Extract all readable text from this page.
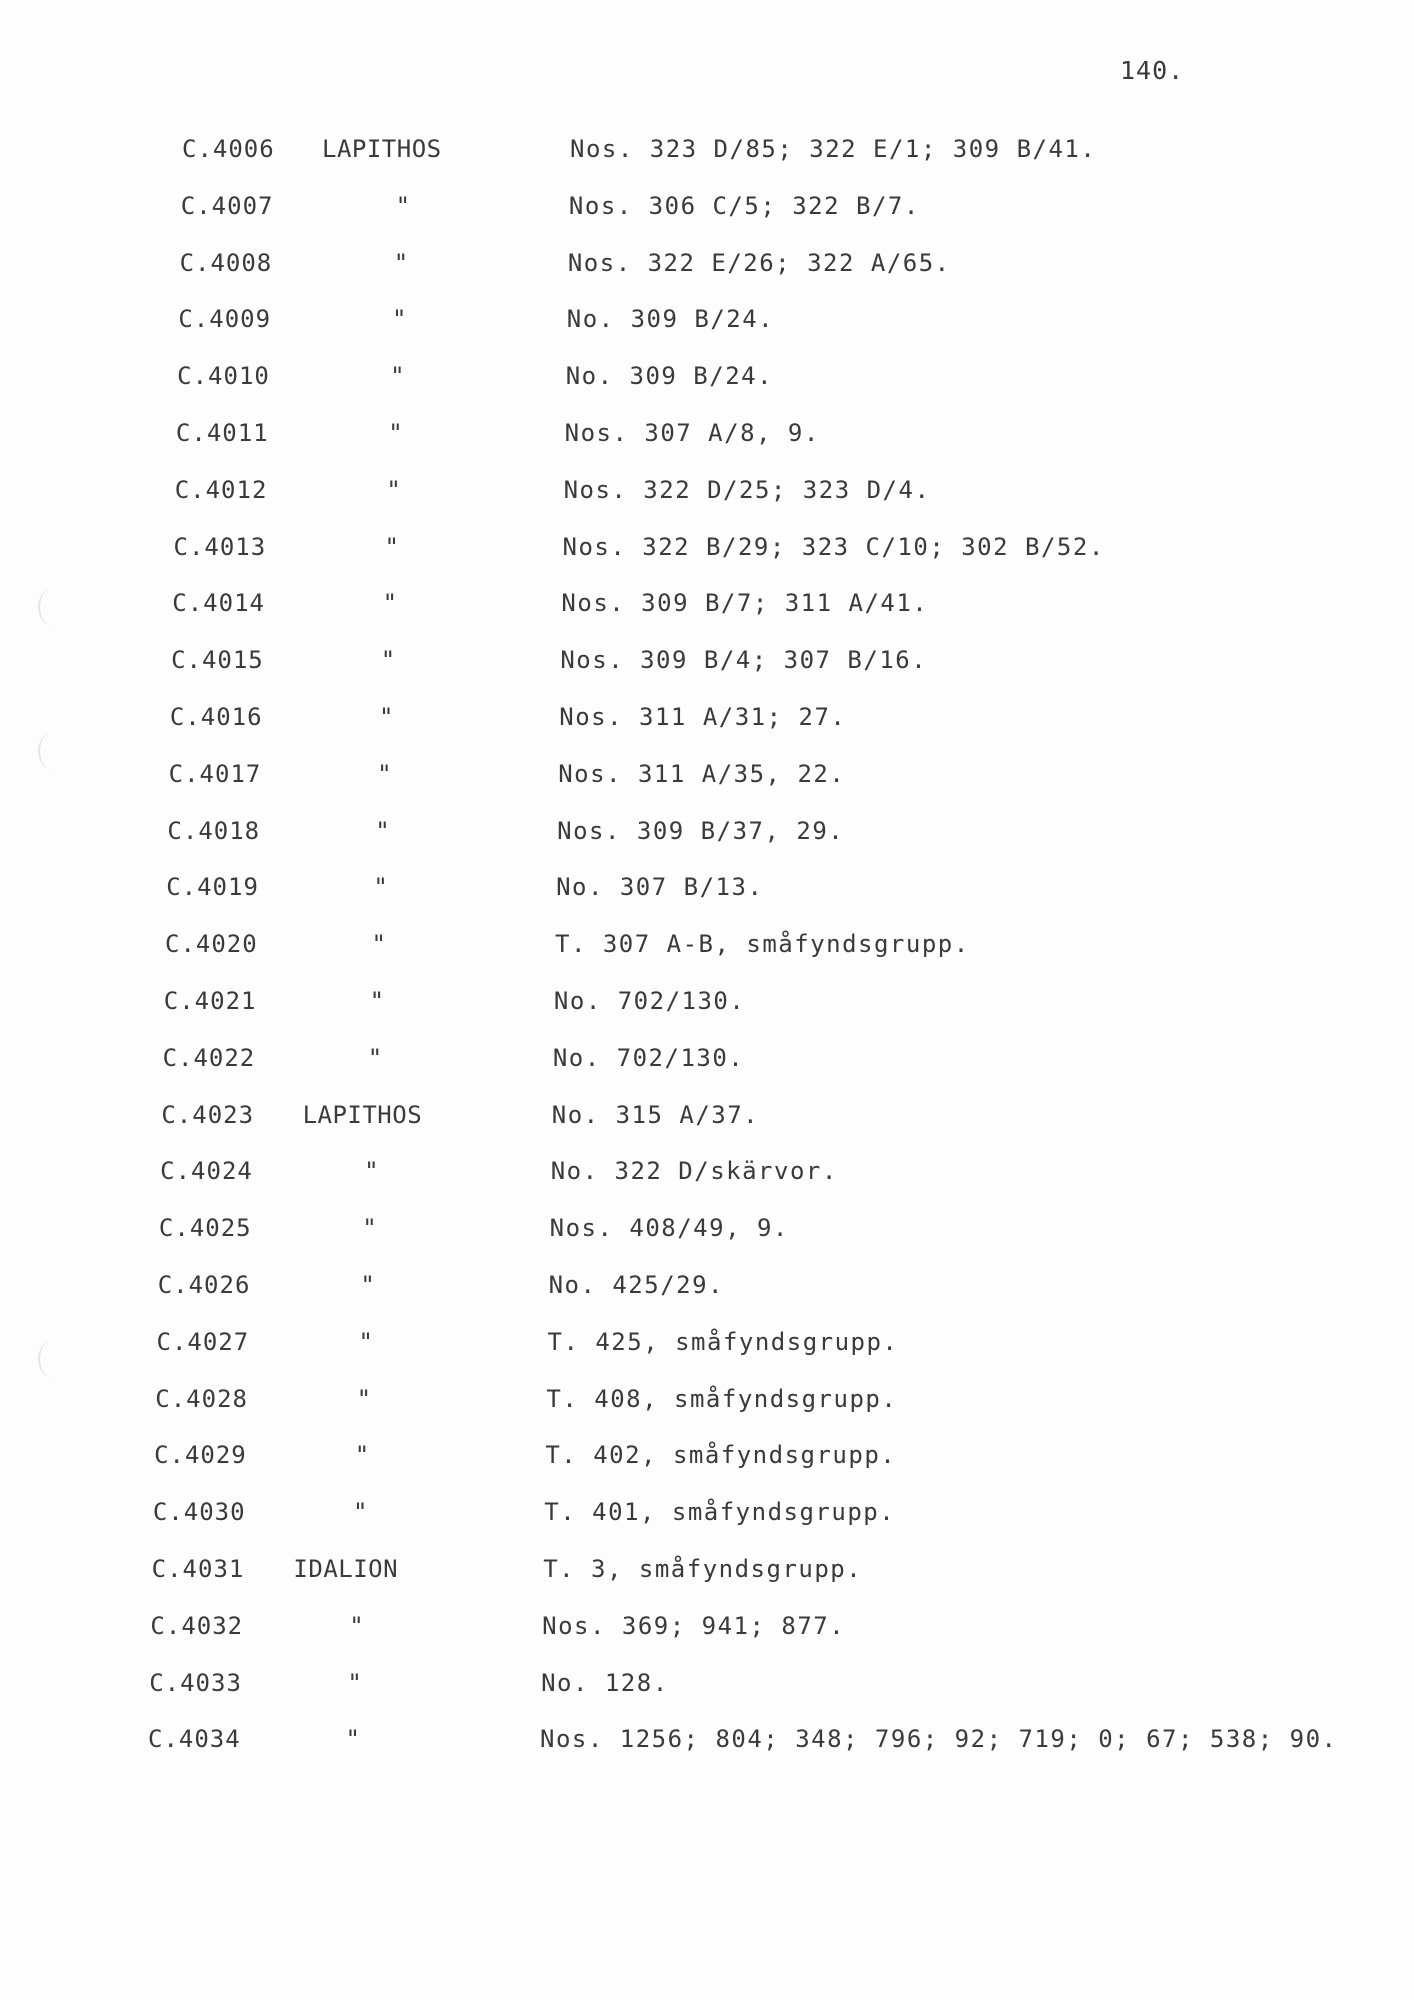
140.
C.4006 LAPITHOS	Nos. 323 D/85; 322 E/1; 309 B/41.
C.4007	"	Nos. 306 C/5; 322 B/7.
C.4008	"	Nos. 322 E/26; 322 A/65.
C.4009	"	No. 309 B/24.
C.4010	"	No. 309 B/24.
C.4011	"	Nos. 307 A/8, 9.
C.4012	"	Nos. 322 D/25; 323 D/4.
C.4013	"	Nos. 322 B/29; 323 C/10; 302 B/52.
C.4014	"	Nos. 309 B/7; 311 A/41.
C.4015	"	Nos. 309 B/4; 307 B/16.
C.4016	"	Nos. 311 A/31; 27.
C.4017	"	Nos. 311 A/35, 22.
C.4018	"	Nos. 309 B/37, 29.
C.4019	"	No. 307 B/13.
C.4020	"	T. 307 A-B, småfyndsgrupp.
C.4021	"	No. 702/130.
C.4022	"	No. 702/130.
C.4023 LAPITHOS	No. 315 A/37.
C.4024	"	No. 322 D/skärvor.
C.4025	"	Nos. 408/49, 9.
C.4026	"	No. 425/29.
C.4027	"	T. 425, småfyndsgrupp.
C.4028	"	T. 408, småfyndsgrupp.
C.4029	"	T. 402, småfyndsgrupp.
C.4030	"	T. 401, småfyndsgrupp.
C.4031 IDALION	T. 3, småfyndsgrupp.
C.4032	"	Nos. 369; 941; 877.
C.4033	"	No. 128.
C.4034	"	Nos. 1256; 804; 348; 796; 92; 719; 0; 67; 538; 90.
